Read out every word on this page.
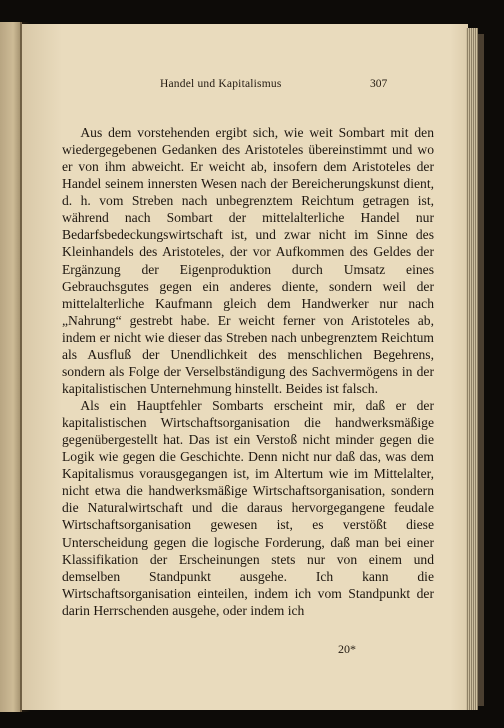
Handel und Kapitalismus	307

Aus dem vorstehenden ergibt sich, wie weit Sombart mit den wiedergegebenen Gedanken des Aristoteles übereinstimmt und wo er von ihm abweicht. Er weicht ab, insofern dem Aristoteles der Handel seinem innersten Wesen nach der Bereicherungskunst dient, d. h. vom Streben nach unbegrenztem Reichtum getragen ist, während nach Sombart der mittelalterliche Handel nur Bedarfsbedeckungswirtschaft ist, und zwar nicht im Sinne des Kleinhandels des Aristoteles, der vor Aufkommen des Geldes der Ergänzung der Eigenproduktion durch Umsatz eines Gebrauchsgutes gegen ein anderes diente, sondern weil der mittelalterliche Kaufmann gleich dem Handwerker nur nach „Nahrung“ gestrebt habe. Er weicht ferner von Aristoteles ab, indem er nicht wie dieser das Streben nach unbegrenztem Reichtum als Ausfluß der Unendlichkeit des menschlichen Begehrens, sondern als Folge der Verselbständigung des Sachvermögens in der kapitalistischen Unternehmung hinstellt. Beides ist falsch.

Als ein Hauptfehler Sombarts erscheint mir, daß er der kapitalistischen Wirtschaftsorganisation die handwerksmäßige gegenübergestellt hat. Das ist ein Verstoß nicht minder gegen die Logik wie gegen die Geschichte. Denn nicht nur daß das, was dem Kapitalismus vorausgegangen ist, im Altertum wie im Mittelalter, nicht etwa die handwerksmäßige Wirtschaftsorganisation, sondern die Naturalwirtschaft und die daraus hervorgegangene feudale Wirtschaftsorganisation gewesen ist, es verstößt diese Unterscheidung gegen die logische Forderung, daß man bei einer Klassifikation der Erscheinungen stets nur von einem und demselben Standpunkt ausgehe. Ich kann die Wirtschaftsorganisation einteilen, indem ich vom Standpunkt der darin Herrschenden ausgehe, oder indem ich

20*
